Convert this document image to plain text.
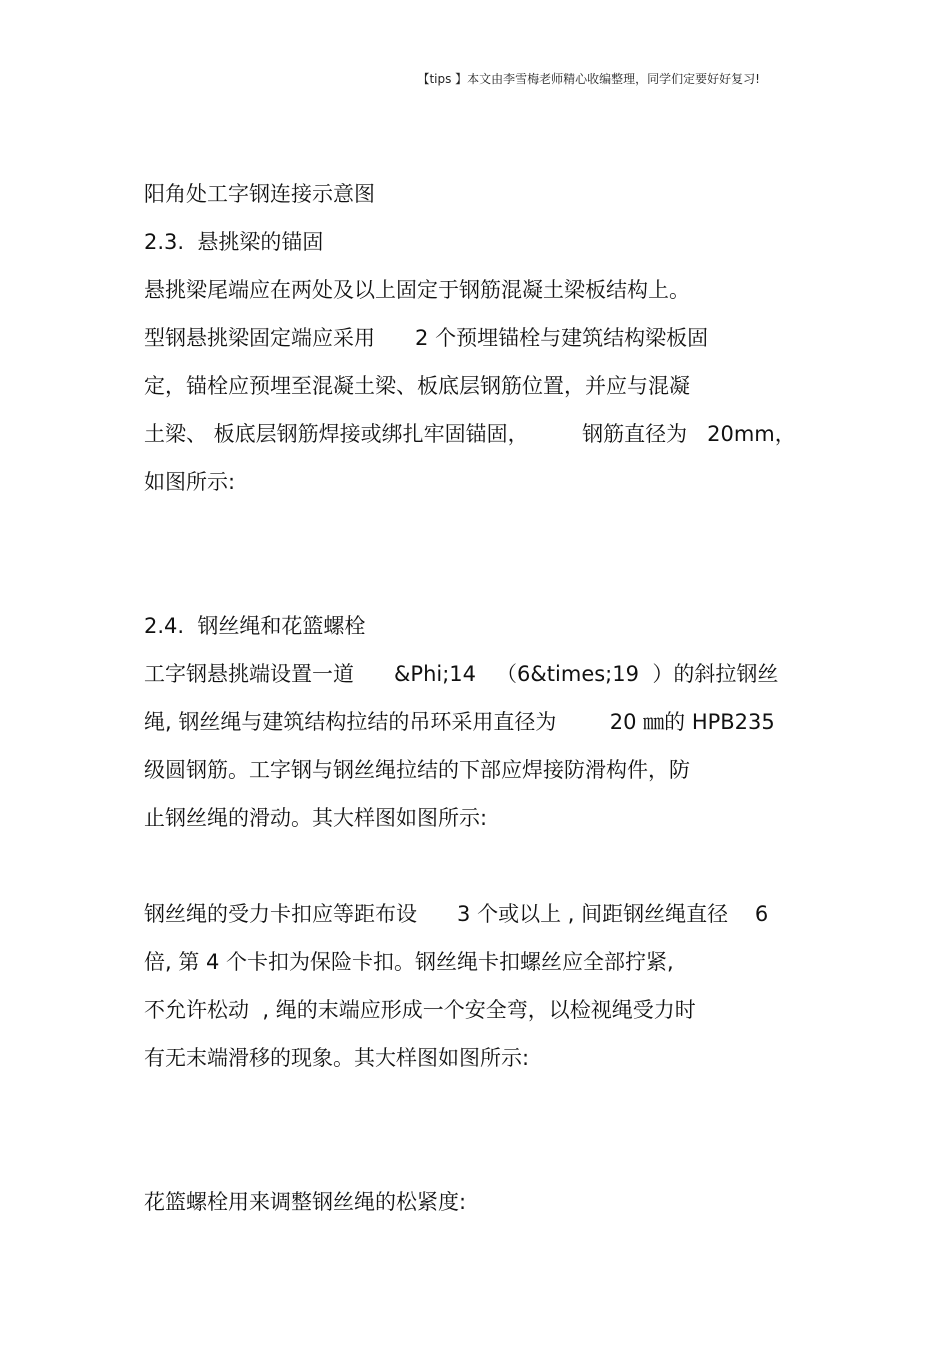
【tips 】本文由李雪梅老师精心收编整理，同学们定要好好复习!
阳角处工字钢连接示意图
2.3.  悬挑梁的锚固
悬挑梁尾端应在两处及以上固定于钢筋混凝土梁板结构上。
型钢悬挑梁固定端应采用      2 个预埋锚栓与建筑结构梁板固
定，锚栓应预埋至混凝土梁、板底层钢筋位置，并应与混凝
土梁、 板底层钢筋焊接或绑扎牢固锚固，        钢筋直径为   20mm，
如图所示:
2.4.  钢丝绳和花篮螺栓
工字钢悬挑端设置一道      &Phi;14   （6&times;19  ）的斜拉钢丝
绳, 钢丝绳与建筑结构拉结的吊环采用直径为        20 ㎜的 HPB235
级圆钢筋。工字钢与钢丝绳拉结的下部应焊接防滑构件，防
止钢丝绳的滑动。其大样图如图所示:
钢丝绳的受力卡扣应等距布设      3 个或以上 , 间距钢丝绳直径    6
倍, 第 4 个卡扣为保险卡扣。钢丝绳卡扣螺丝应全部拧紧,
不允许松动  , 绳的末端应形成一个安全弯，以检视绳受力时
有无末端滑移的现象。其大样图如图所示:
花篮螺栓用来调整钢丝绳的松紧度:
